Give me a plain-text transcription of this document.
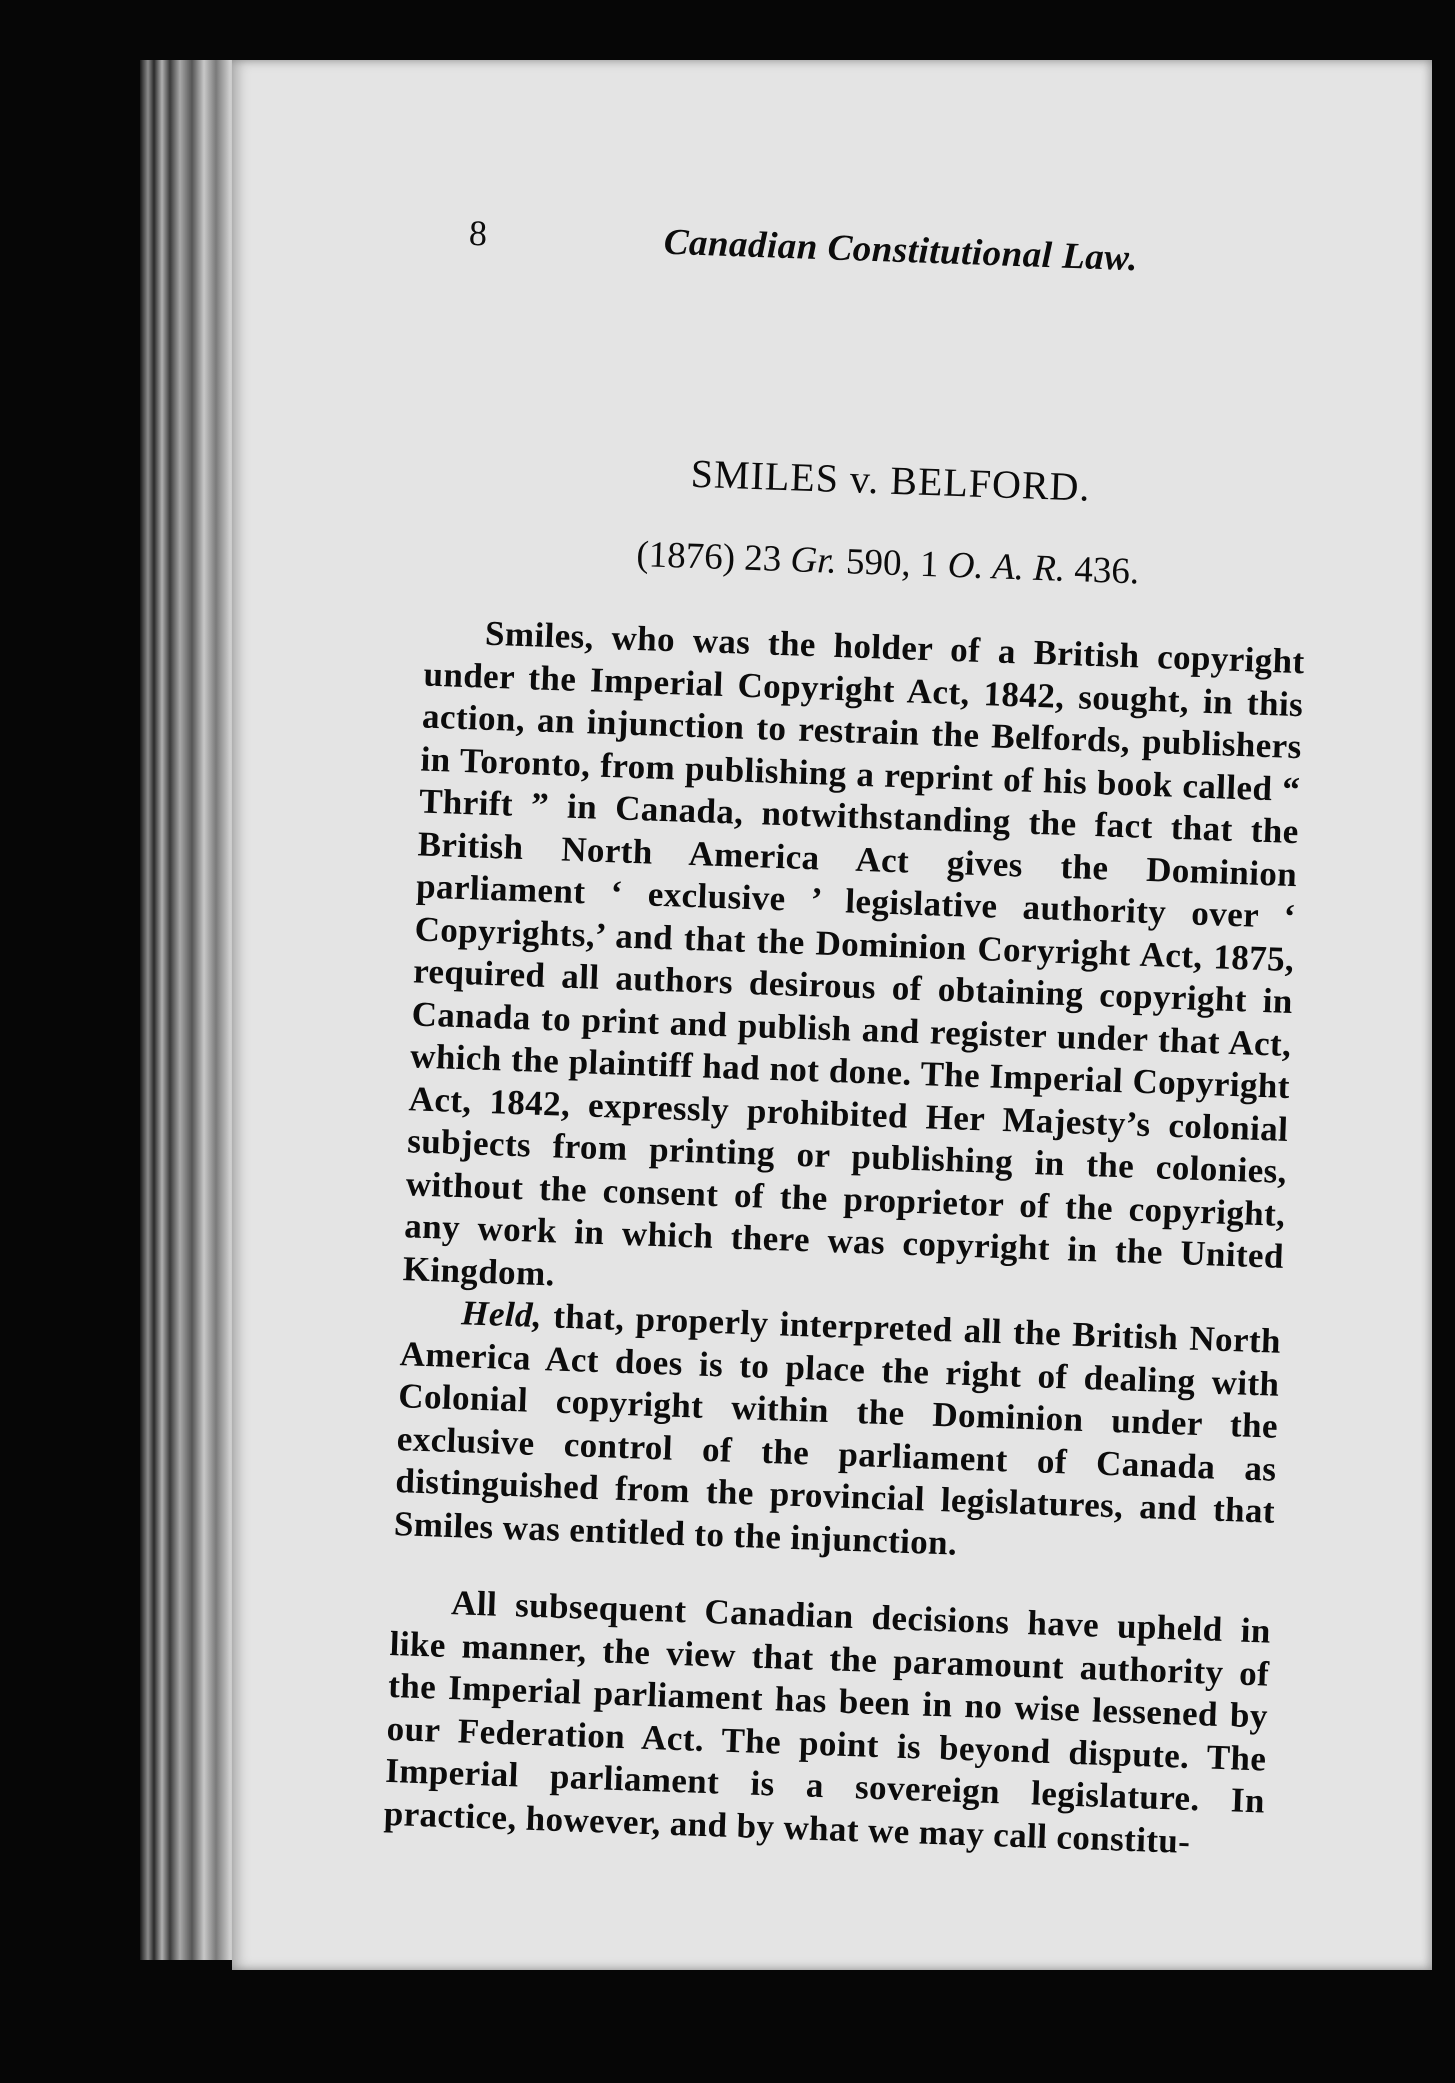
8	Canadian Constitutional Law.
SMILES v. BELFORD.
(1876) 23 Gr. 590, 1 O. A. R. 436.
Smiles, who was the holder of a British copyright under the Imperial Copyright Act, 1842, sought, in this action, an injunction to restrain the Belfords, publishers in Toronto, from publishing a reprint of his book called “ Thrift ” in Canada, notwithstanding the fact that the British North America Act gives the Dominion parliament ‘ exclusive ’ legislative authority over ‘ Copyrights,’ and that the Dominion Coryright Act, 1875, required all authors desirous of obtaining copyright in Canada to print and publish and register under that Act, which the plaintiff had not done. The Imperial Copyright Act, 1842, expressly prohibited Her Majesty’s colonial subjects from printing or publishing in the colonies, without the consent of the proprietor of the copyright, any work in which there was copyright in the United Kingdom.
Held, that, properly interpreted all the British North America Act does is to place the right of dealing with Colonial copyright within the Dominion under the exclusive control of the parliament of Canada as distinguished from the provincial legislatures, and that Smiles was entitled to the injunction.
All subsequent Canadian decisions have upheld in like manner, the view that the paramount authority of the Imperial parliament has been in no wise lessened by our Federation Act. The point is beyond dispute. The Imperial parliament is a sovereign legislature. In practice, however, and by what we may call constitu-
